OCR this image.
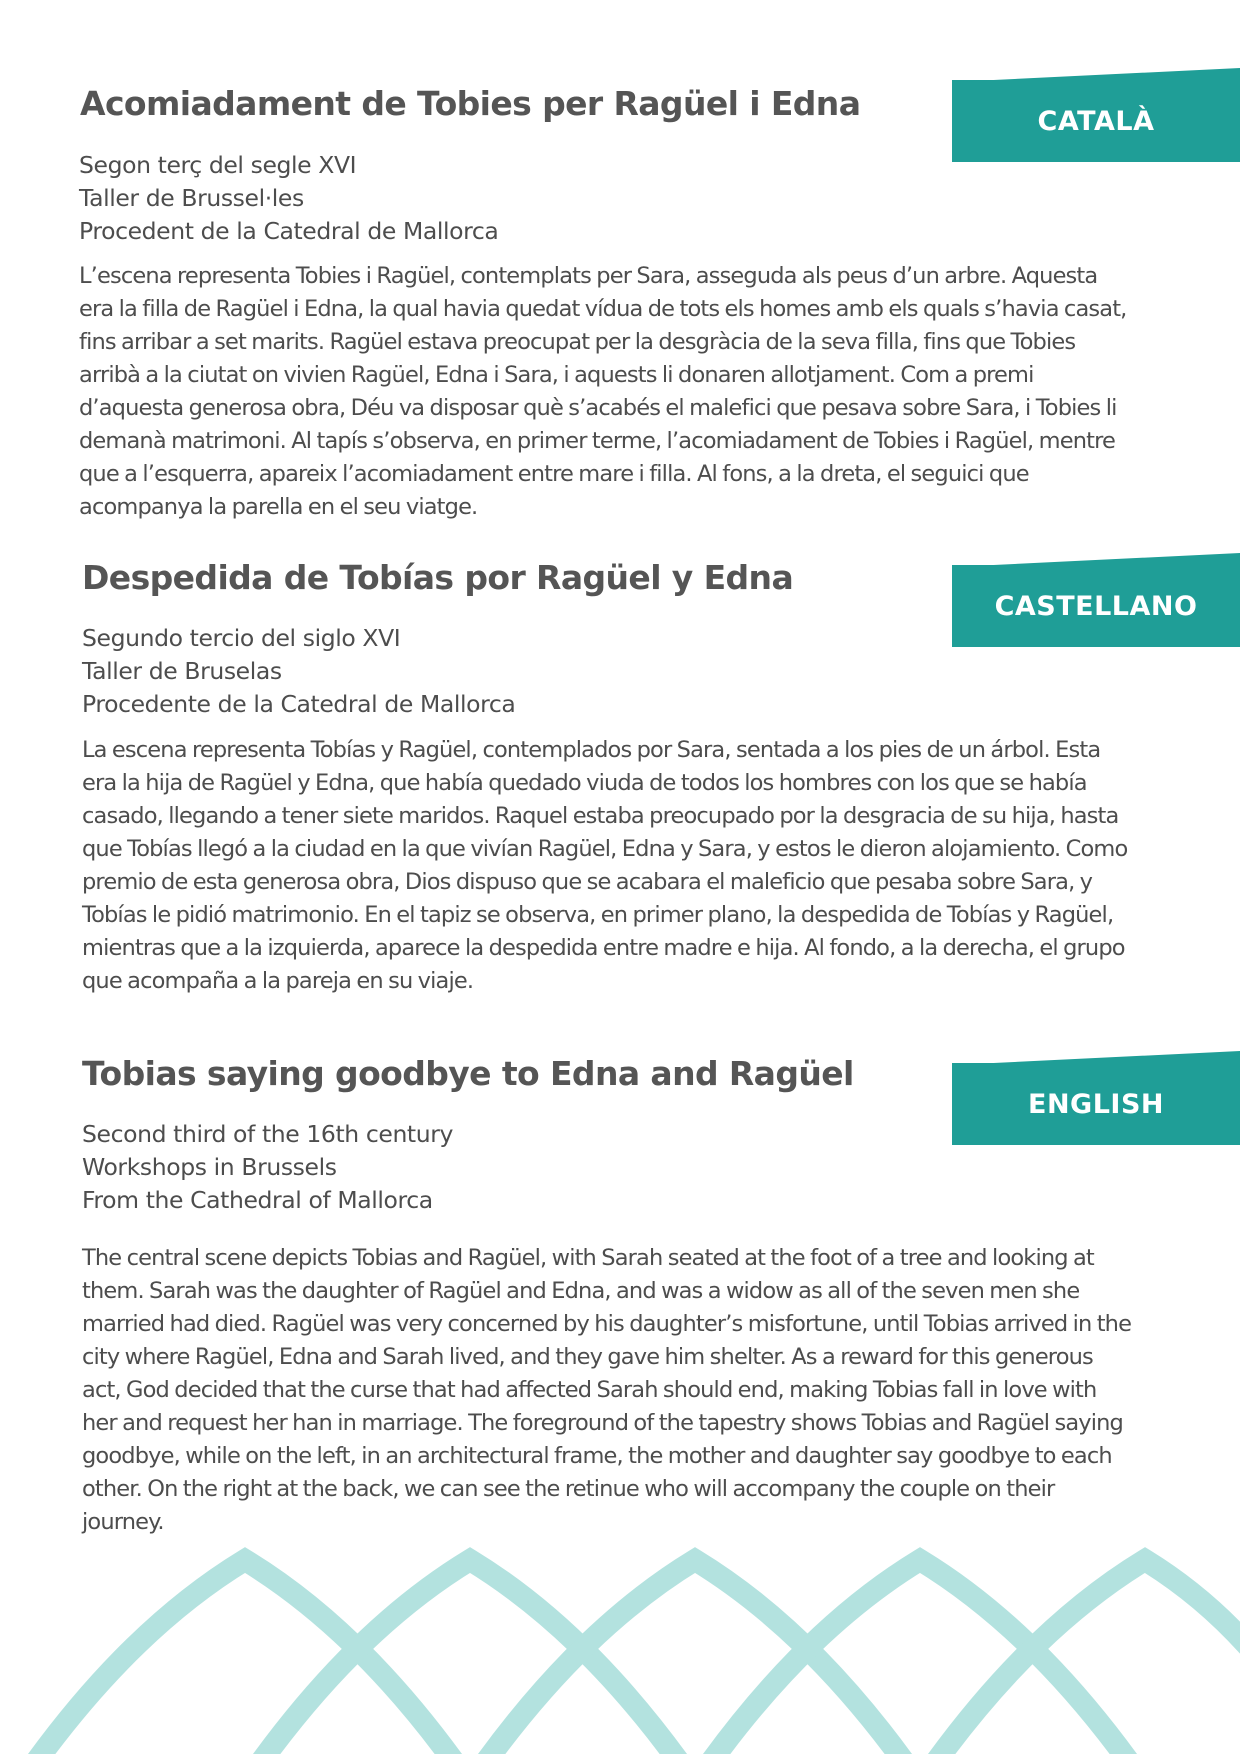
Acomiadament de Tobies per Ragüel i Edna	CATALÀ
Segon terç del segle XVI
Taller de Brussel·les
Procedent de la Catedral de Mallorca

L’escena representa Tobies i Ragüel, contemplats per Sara, asseguda als peus d’un arbre. Aquesta era la filla de Ragüel i Edna, la qual havia quedat vídua de tots els homes amb els quals s’havia casat, fins arribar a set marits. Ragüel estava preocupat per la desgràcia de la seva filla, fins que Tobies arribà a la ciutat on vivien Ragüel, Edna i Sara, i aquests li donaren allotjament. Com a premi d’aquesta generosa obra, Déu va disposar què s’acabés el malefici que pesava sobre Sara, i Tobies li demanà matrimoni. Al tapís s’observa, en primer terme, l’acomiadament de Tobies i Ragüel, mentre que a l’esquerra, apareix l’acomiadament entre mare i filla. Al fons, a la dreta, el seguici que acompanya la parella en el seu viatge.

Despedida de Tobías por Ragüel y Edna
CASTELLANO
Segundo tercio del siglo XVI
Taller de Bruselas
Procedente de la Catedral de Mallorca

La escena representa Tobías y Ragüel, contemplados por Sara, sentada a los pies de un árbol. Esta era la hija de Ragüel y Edna, que había quedado viuda de todos los hombres con los que se había casado, llegando a tener siete maridos. Raquel estaba preocupado por la desgracia de su hija, hasta que Tobías llegó a la ciudad en la que vivían Ragüel, Edna y Sara, y estos le dieron alojamiento. Como premio de esta generosa obra, Dios dispuso que se acabara el maleficio que pesaba sobre Sara, y Tobías le pidió matrimonio. En el tapiz se observa, en primer plano, la despedida de Tobías y Ragüel, mientras que a la izquierda, aparece la despedida entre madre e hija. Al fondo, a la derecha, el grupo que acompaña a la pareja en su viaje.

Tobias saying goodbye to Edna and Ragüel
ENGLISH
Second third of the 16th century
Workshops in Brussels
From the Cathedral of Mallorca

The central scene depicts Tobias and Ragüel, with Sarah seated at the foot of a tree and looking at them. Sarah was the daughter of Ragüel and Edna, and was a widow as all of the seven men she married had died. Ragüel was very concerned by his daughter’s misfortune, until Tobias arrived in the city where Ragüel, Edna and Sarah lived, and they gave him shelter. As a reward for this generous act, God decided that the curse that had affected Sarah should end, making Tobias fall in love with her and request her han in marriage. The foreground of the tapestry shows Tobias and Ragüel saying goodbye, while on the left, in an architectural frame, the mother and daughter say goodbye to each other. On the right at the back, we can see the retinue who will accompany the couple on their journey.
